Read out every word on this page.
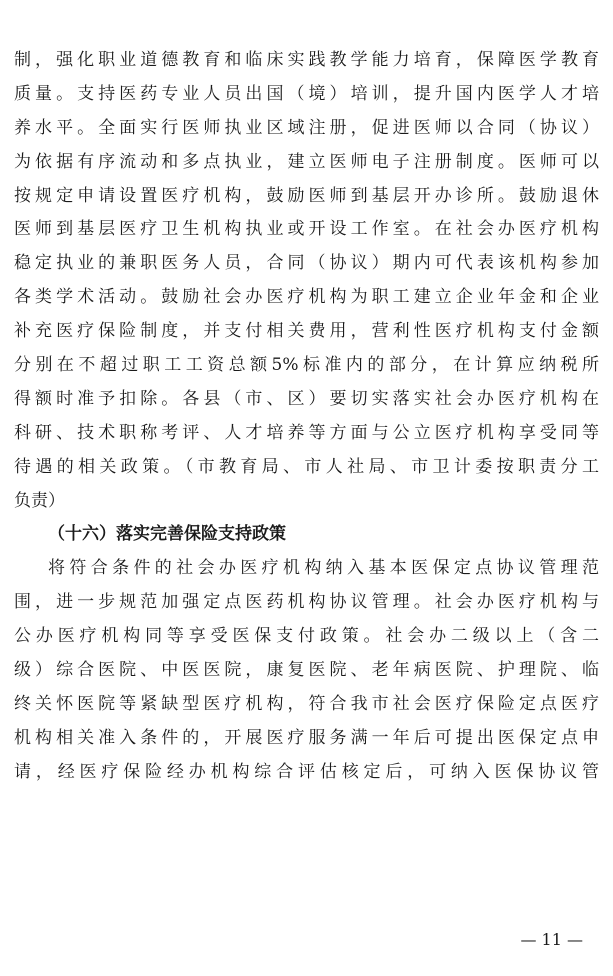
制，强化职业道德教育和临床实践教学能力培育，保障医学教育
质量。支持医药专业人员出国（境）培训，提升国内医学人才培
养水平。全面实行医师执业区域注册，促进医师以合同（协议）
为依据有序流动和多点执业，建立医师电子注册制度。医师可以
按规定申请设置医疗机构，鼓励医师到基层开办诊所。鼓励退休
医师到基层医疗卫生机构执业或开设工作室。在社会办医疗机构
稳定执业的兼职医务人员，合同（协议）期内可代表该机构参加
各类学术活动。鼓励社会办医疗机构为职工建立企业年金和企业
补充医疗保险制度，并支付相关费用，营利性医疗机构支付金额
分别在不超过职工工资总额5%标准内的部分，在计算应纳税所
得额时准予扣除。各县（市、区）要切实落实社会办医疗机构在
科研、技术职称考评、人才培养等方面与公立医疗机构享受同等
待遇的相关政策。（市教育局、市人社局、市卫计委按职责分工
负责）
（十六）落实完善保险支持政策
将符合条件的社会办医疗机构纳入基本医保定点协议管理范
围，进一步规范加强定点医药机构协议管理。社会办医疗机构与
公办医疗机构同等享受医保支付政策。社会办二级以上（含二
级）综合医院、中医医院，康复医院、老年病医院、护理院、临
终关怀医院等紧缺型医疗机构，符合我市社会医疗保险定点医疗
机构相关准入条件的，开展医疗服务满一年后可提出医保定点申
请，经医疗保险经办机构综合评估核定后，可纳入医保协议管
— 11 —
